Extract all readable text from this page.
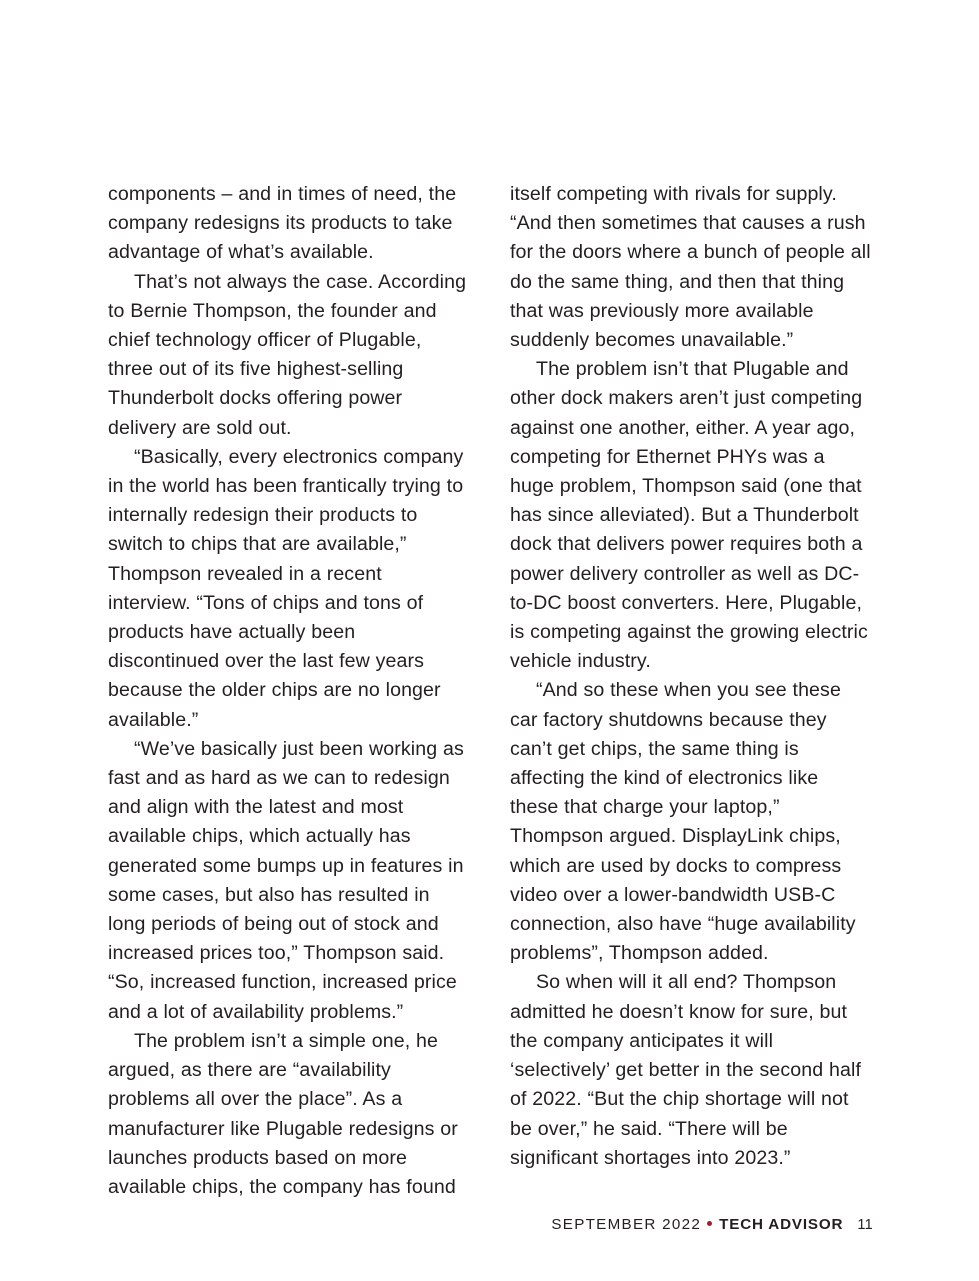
components – and in times of need, the company redesigns its products to take advantage of what’s available.

That’s not always the case. According to Bernie Thompson, the founder and chief technology officer of Plugable, three out of its five highest-selling Thunderbolt docks offering power delivery are sold out.

“Basically, every electronics company in the world has been frantically trying to internally redesign their products to switch to chips that are available,” Thompson revealed in a recent interview. “Tons of chips and tons of products have actually been discontinued over the last few years because the older chips are no longer available.”

“We’ve basically just been working as fast and as hard as we can to redesign and align with the latest and most available chips, which actually has generated some bumps up in features in some cases, but also has resulted in long periods of being out of stock and increased prices too,” Thompson said. “So, increased function, increased price and a lot of availability problems.”

The problem isn’t a simple one, he argued, as there are “availability problems all over the place”. As a manufacturer like Plugable redesigns or launches products based on more available chips, the company has found

itself competing with rivals for supply. “And then sometimes that causes a rush for the doors where a bunch of people all do the same thing, and then that thing that was previously more available suddenly becomes unavailable.”

The problem isn’t that Plugable and other dock makers aren’t just competing against one another, either. A year ago, competing for Ethernet PHYs was a huge problem, Thompson said (one that has since alleviated). But a Thunderbolt dock that delivers power requires both a power delivery controller as well as DC-to-DC boost converters. Here, Plugable, is competing against the growing electric vehicle industry.

“And so these when you see these car factory shutdowns because they can’t get chips, the same thing is affecting the kind of electronics like these that charge your laptop,” Thompson argued. DisplayLink chips, which are used by docks to compress video over a lower-bandwidth USB-C connection, also have “huge availability problems”, Thompson added.

So when will it all end? Thompson admitted he doesn’t know for sure, but the company anticipates it will ‘selectively’ get better in the second half of 2022. “But the chip shortage will not be over,” he said. “There will be significant shortages into 2023.”

SEPTEMBER 2022 TECH ADVISOR 11
